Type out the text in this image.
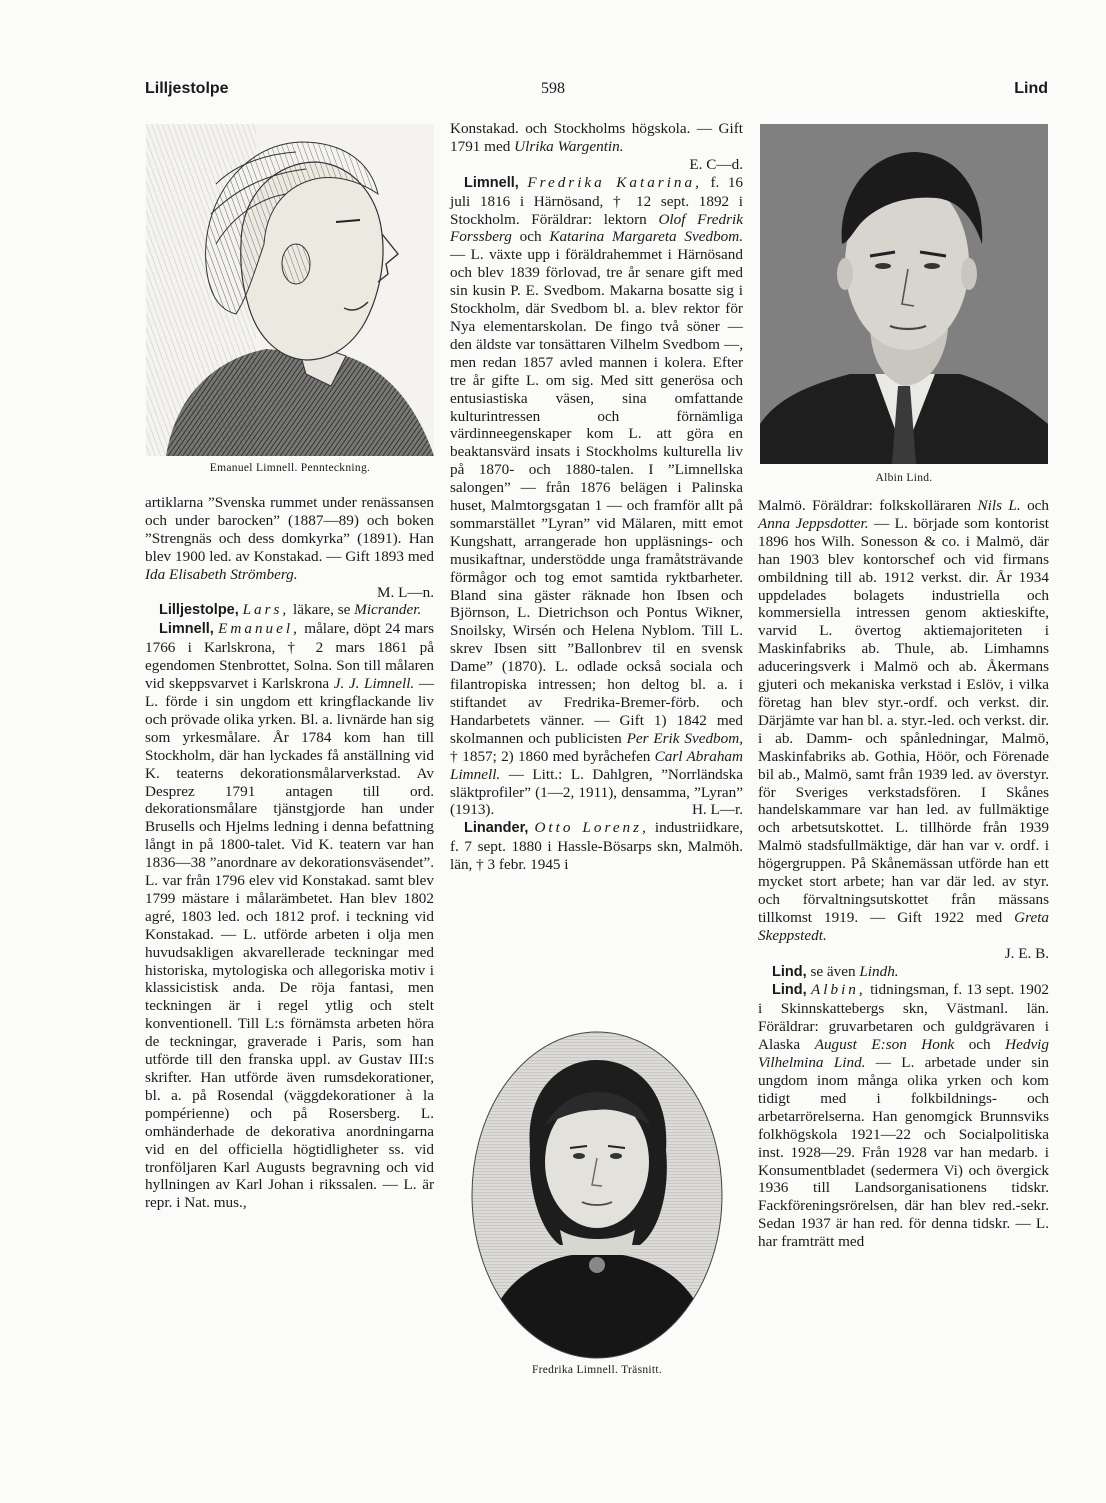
Lilljestolpe	598	Lind
Emanuel Limnell. Pennteckning.
Albin Lind.
Fredrika Limnell. Träsnitt.

artiklarna ”Svenska rummet under renässansen och under barocken” (1887—89) och boken ”Strengnäs och dess domkyrka” (1891). Han blev 1900 led. av Konstakad. — Gift 1893 med Ida Elisabeth Strömberg.

M. L—n.

Lilljestolpe, Lars, läkare, se Micrander.

Limnell, Emanuel, målare, döpt 24 mars 1766 i Karlskrona, † 2 mars 1861 på egendomen Stenbrottet, Solna. Son till målaren vid skeppsvarvet i Karlskrona J. J. Limnell. — L. förde i sin ungdom ett kringflackande liv och prövade olika yrken. Bl. a. livnärde han sig som yrkesmålare. År 1784 kom han till Stockholm, där han lyckades få anställning vid K. teaterns dekorationsmålarverkstad. Av Desprez 1791 antagen till ord. dekorationsmålare tjänstgjorde han under Brusells och Hjelms ledning i denna befattning långt in på 1800-talet. Vid K. teatern var han 1836—38 ”anordnare av dekorationsväsendet”. L. var från 1796 elev vid Konstakad. samt blev 1799 mästare i målarämbetet. Han blev 1802 agré, 1803 led. och 1812 prof. i teckning vid Konstakad. — L. utförde arbeten i olja men huvudsakligen akvarellerade teckningar med historiska, mytologiska och allegoriska motiv i klassicistisk anda. De röja fantasi, men teckningen är i regel ytlig och stelt konventionell. Till L:s förnämsta arbeten höra de teckningar, graverade i Paris, som han utförde till den franska uppl. av Gustav III:s skrifter. Han utförde även rumsdekorationer, bl. a. på Rosendal (väggdekorationer à la pompérienne) och på Rosersberg. L. omhänderhade de dekorativa anordningarna vid en del officiella högtidligheter ss. vid tronföljaren Karl Augusts begravning och vid hyllningen av Karl Johan i rikssalen. — L. är repr. i Nat. mus.,

Konstakad. och Stockholms högskola. — Gift 1791 med Ulrika Wargentin.

E. C—d.

Limnell, Fredrika Katarina, f. 16 juli 1816 i Härnösand, † 12 sept. 1892 i Stockholm. Föräldrar: lektorn Olof Fredrik Forssberg och Katarina Margareta Svedbom. — L. växte upp i föräldrahemmet i Härnösand och blev 1839 förlovad, tre år senare gift med sin kusin P. E. Svedbom. Makarna bosatte sig i Stockholm, där Svedbom bl. a. blev rektor för Nya elementarskolan. De fingo två söner — den äldste var tonsättaren Vilhelm Svedbom —, men redan 1857 avled mannen i kolera. Efter tre år gifte L. om sig. Med sitt generösa och entusiastiska väsen, sina omfattande kulturintressen och förnämliga värdinneegenskaper kom L. att göra en beaktansvärd insats i Stockholms kulturella liv på 1870- och 1880-talen. I ”Limnellska salongen” — från 1876 belägen i Palinska huset, Malmtorgsgatan 1 — och framför allt på sommarstället ”Lyran” vid Mälaren, mitt emot Kungshatt, arrangerade hon uppläsnings- och musikaftnar, understödde unga framåtsträvande förmågor och tog emot samtida ryktbarheter. Bland sina gäster räknade hon Ibsen och Björnson, L. Dietrichson och Pontus Wikner, Snoilsky, Wirsén och Helena Nyblom. Till L. skrev Ibsen sitt ”Ballonbrev til en svensk Dame” (1870). L. odlade också sociala och filantropiska intressen; hon deltog bl. a. i stiftandet av Fredrika-Bremer-förb. och Handarbetets vänner. — Gift 1) 1842 med skolmannen och publicisten Per Erik Svedbom, † 1857; 2) 1860 med byråchefen Carl Abraham Limnell. — Litt.: L. Dahlgren, ”Norrländska släktprofiler” (1—2, 1911), densamma, ”Lyran” (1913).	H. L—r.

Linander, Otto Lorenz, industriidkare, f. 7 sept. 1880 i Hassle-Bösarps skn, Malmöh. län, † 3 febr. 1945 i

Malmö. Föräldrar: folkskolläraren Nils L. och Anna Jeppsdotter. — L. började som kontorist 1896 hos Wilh. Sonesson & co. i Malmö, där han 1903 blev kontorschef och vid firmans ombildning till ab. 1912 verkst. dir. År 1934 uppdelades bolagets industriella och kommersiella intressen genom aktieskifte, varvid L. övertog aktiemajoriteten i Maskinfabriks ab. Thule, ab. Limhamns aduceringsverk i Malmö och ab. Åkermans gjuteri och mekaniska verkstad i Eslöv, i vilka företag han blev styr.-ordf. och verkst. dir. Därjämte var han bl. a. styr.-led. och verkst. dir. i ab. Damm- och spånledningar, Malmö, Maskinfabriks ab. Gothia, Höör, och Förenade bil ab., Malmö, samt från 1939 led. av överstyr. för Sveriges verkstadsfören. I Skånes handelskammare var han led. av fullmäktige och arbetsutskottet. L. tillhörde från 1939 Malmö stadsfullmäktige, där han var v. ordf. i högergruppen. På Skånemässan utförde han ett mycket stort arbete; han var där led. av styr. och förvaltningsutskottet från mässans tillkomst 1919. — Gift 1922 med Greta Skeppstedt.

J. E. B.

Lind, se även Lindh.

Lind, Albin, tidningsman, f. 13 sept. 1902 i Skinnskattebergs skn, Västmanl. län. Föräldrar: gruvarbetaren och guldgrävaren i Alaska August E:son Honk och Hedvig Vilhelmina Lind. — L. arbetade under sin ungdom inom många olika yrken och kom tidigt med i folkbildnings- och arbetarrörelserna. Han genomgick Brunnsviks folkhögskola 1921—22 och Socialpolitiska inst. 1928—29. Från 1928 var han medarb. i Konsumentbladet (sedermera Vi) och övergick 1936 till Landsorganisationens tidskr. Fackföreningsrörelsen, där han blev red.-sekr. Sedan 1937 är han red. för denna tidskr. — L. har framträtt med
